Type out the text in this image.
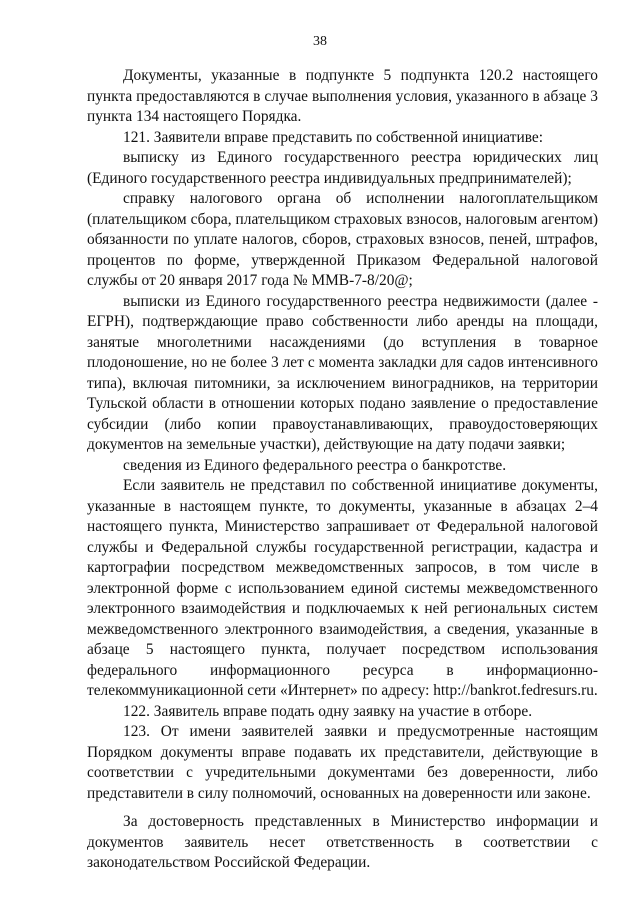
38

Документы, указанные в подпункте 5 подпункта 120.2 настоящего пункта предоставляются в случае выполнения условия, указанного в абзаце 3 пункта 134 настоящего Порядка.

121. Заявители вправе представить по собственной инициативе:

выписку из Единого государственного реестра юридических лиц (Единого государственного реестра индивидуальных предпринимателей);

справку налогового органа об исполнении налогоплательщиком (плательщиком сбора, плательщиком страховых взносов, налоговым агентом) обязанности по уплате налогов, сборов, страховых взносов, пеней, штрафов, процентов по форме, утвержденной Приказом Федеральной налоговой службы от 20 января 2017 года № ММВ-7-8/20@;

выписки из Единого государственного реестра недвижимости (далее - ЕГРН), подтверждающие право собственности либо аренды на площади, занятые многолетними насаждениями (до вступления в товарное плодоношение, но не более 3 лет с момента закладки для садов интенсивного типа), включая питомники, за исключением виноградников, на территории Тульской области в отношении которых подано заявление о предоставление субсидии (либо копии правоустанавливающих, правоудостоверяющих документов на земельные участки), действующие на дату подачи заявки;

сведения из Единого федерального реестра о банкротстве.

Если заявитель не представил по собственной инициативе документы, указанные в настоящем пункте, то документы, указанные в абзацах 2–4 настоящего пункта, Министерство запрашивает от Федеральной налоговой службы и Федеральной службы государственной регистрации, кадастра и картографии посредством межведомственных запросов, в том числе в электронной форме с использованием единой системы межведомственного электронного взаимодействия и подключаемых к ней региональных систем межведомственного электронного взаимодействия, а сведения, указанные в абзаце 5 настоящего пункта, получает посредством использования федерального информационного ресурса в информационно-телекоммуникационной сети «Интернет» по адресу: http://bankrot.fedresurs.ru.

122. Заявитель вправе подать одну заявку на участие в отборе.

123. От имени заявителей заявки и предусмотренные настоящим Порядком документы вправе подавать их представители, действующие в соответствии с учредительными документами без доверенности, либо представители в силу полномочий, основанных на доверенности или законе.

За достоверность представленных в Министерство информации и документов заявитель несет ответственность в соответствии с законодательством Российской Федерации.
